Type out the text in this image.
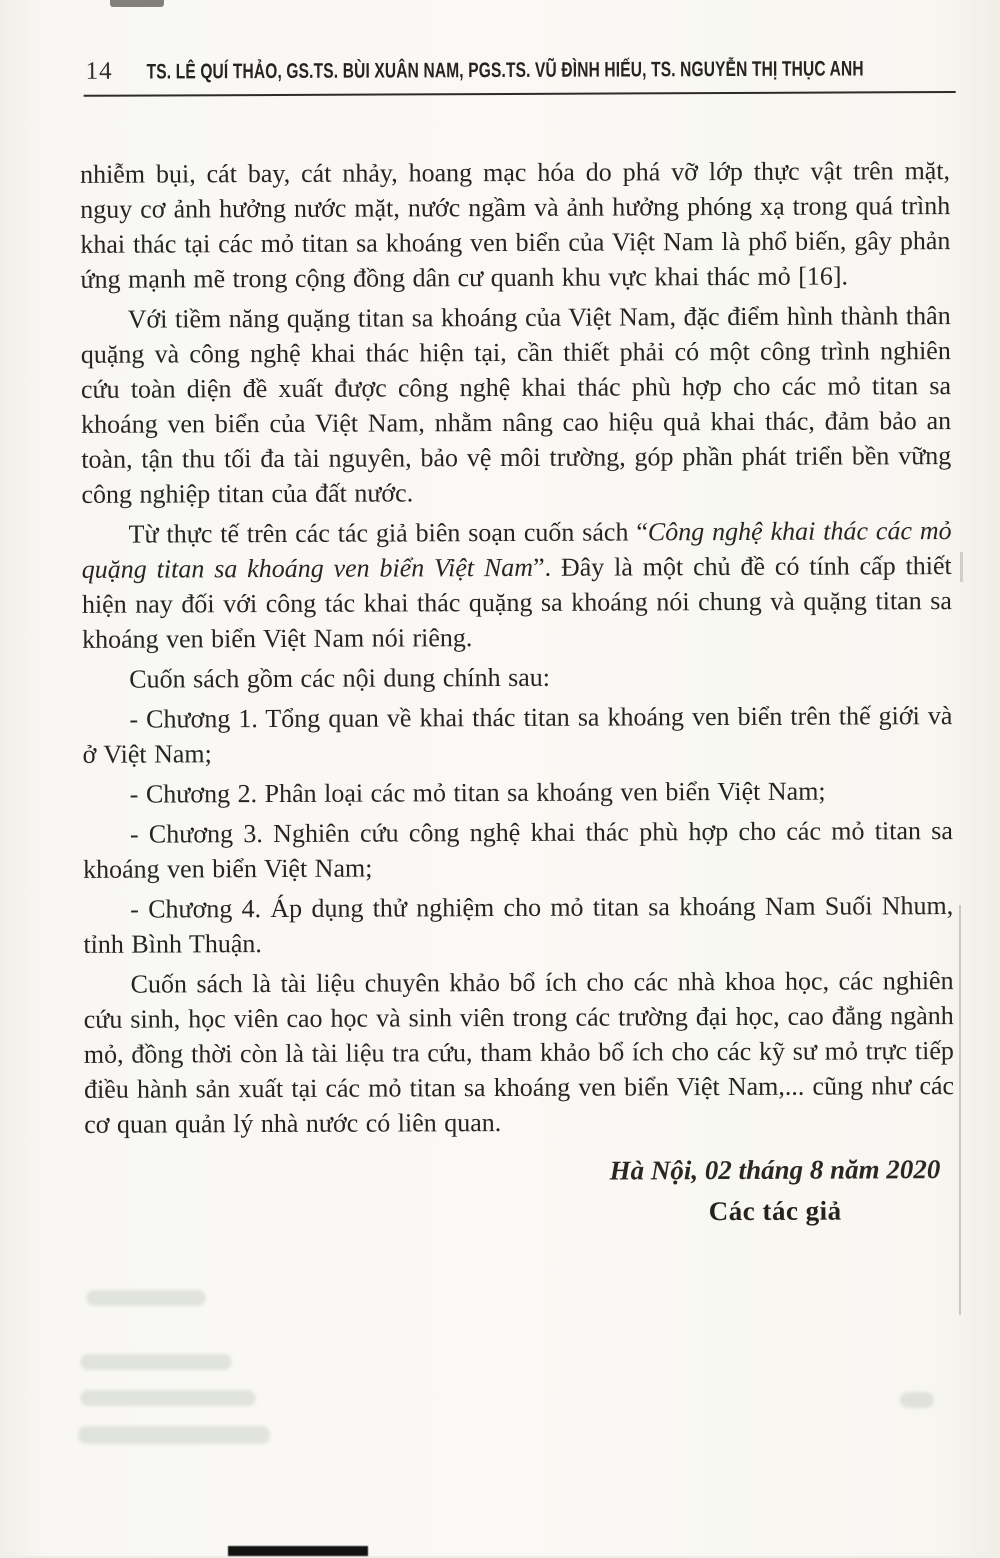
14 TS. LÊ QUÍ THẢO, GS.TS. BÙI XUÂN NAM, PGS.TS. VŨ ĐÌNH HIẾU, TS. NGUYỄN THỊ THỤC ANH

nhiễm bụi, cát bay, cát nhảy, hoang mạc hóa do phá vỡ lớp thực vật trên mặt, nguy cơ ảnh hưởng nước mặt, nước ngầm và ảnh hưởng phóng xạ trong quá trình khai thác tại các mỏ titan sa khoáng ven biển của Việt Nam là phổ biến, gây phản ứng mạnh mẽ trong cộng đồng dân cư quanh khu vực khai thác mỏ [16].

Với tiềm năng quặng titan sa khoáng của Việt Nam, đặc điểm hình thành thân quặng và công nghệ khai thác hiện tại, cần thiết phải có một công trình nghiên cứu toàn diện đề xuất được công nghệ khai thác phù hợp cho các mỏ titan sa khoáng ven biển của Việt Nam, nhằm nâng cao hiệu quả khai thác, đảm bảo an toàn, tận thu tối đa tài nguyên, bảo vệ môi trường, góp phần phát triển bền vững công nghiệp titan của đất nước.

Từ thực tế trên các tác giả biên soạn cuốn sách “Công nghệ khai thác các mỏ quặng titan sa khoáng ven biển Việt Nam”. Đây là một chủ đề có tính cấp thiết hiện nay đối với công tác khai thác quặng sa khoáng nói chung và quặng titan sa khoáng ven biển Việt Nam nói riêng.

Cuốn sách gồm các nội dung chính sau:

- Chương 1. Tổng quan về khai thác titan sa khoáng ven biển trên thế giới và ở Việt Nam;

- Chương 2. Phân loại các mỏ titan sa khoáng ven biển Việt Nam;

- Chương 3. Nghiên cứu công nghệ khai thác phù hợp cho các mỏ titan sa khoáng ven biển Việt Nam;

- Chương 4. Áp dụng thử nghiệm cho mỏ titan sa khoáng Nam Suối Nhum, tỉnh Bình Thuận.

Cuốn sách là tài liệu chuyên khảo bổ ích cho các nhà khoa học, các nghiên cứu sinh, học viên cao học và sinh viên trong các trường đại học, cao đẳng ngành mỏ, đồng thời còn là tài liệu tra cứu, tham khảo bổ ích cho các kỹ sư mỏ trực tiếp điều hành sản xuất tại các mỏ titan sa khoáng ven biển Việt Nam,... cũng như các cơ quan quản lý nhà nước có liên quan.

Hà Nội, 02 tháng 8 năm 2020
Các tác giả
